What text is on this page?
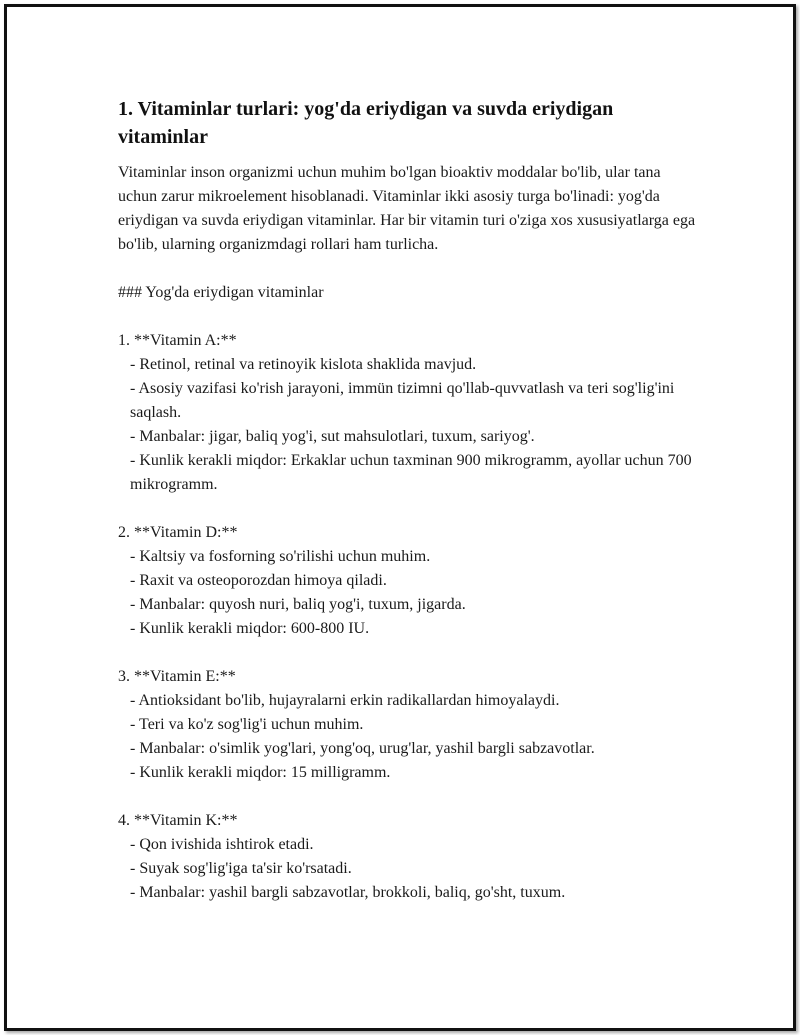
1. Vitaminlar turlari: yog'da eriydigan va suvda eriydigan vitaminlar

Vitaminlar inson organizmi uchun muhim bo'lgan bioaktiv moddalar bo'lib, ular tana uchun zarur mikroelement hisoblanadi. Vitaminlar ikki asosiy turga bo'linadi: yog'da eriydigan va suvda eriydigan vitaminlar. Har bir vitamin turi o'ziga xos xususiyatlarga ega bo'lib, ularning organizmdagi rollari ham turlicha.

### Yog'da eriydigan vitaminlar

1. **Vitamin A:**

- Retinol, retinal va retinoyik kislota shaklida mavjud.

- Asosiy vazifasi ko'rish jarayoni, immün tizimni qo'llab-quvvatlash va teri sog'lig'ini saqlash.

- Manbalar: jigar, baliq yog'i, sut mahsulotlari, tuxum, sariyog'.

- Kunlik kerakli miqdor: Erkaklar uchun taxminan 900 mikrogramm, ayollar uchun 700 mikrogramm.

2. **Vitamin D:**

- Kaltsiy va fosforning so'rilishi uchun muhim.

- Raxit va osteoporozdan himoya qiladi.

- Manbalar: quyosh nuri, baliq yog'i, tuxum, jigarda.

- Kunlik kerakli miqdor: 600-800 IU.

3. **Vitamin E:**

- Antioksidant bo'lib, hujayralarni erkin radikallardan himoyalaydi.

- Teri va ko'z sog'lig'i uchun muhim.

- Manbalar: o'simlik yog'lari, yong'oq, urug'lar, yashil bargli sabzavotlar.

- Kunlik kerakli miqdor: 15 milligramm.

4. **Vitamin K:**

- Qon ivishida ishtirok etadi.

- Suyak sog'lig'iga ta'sir ko'rsatadi.

- Manbalar: yashil bargli sabzavotlar, brokkoli, baliq, go'sht, tuxum.
